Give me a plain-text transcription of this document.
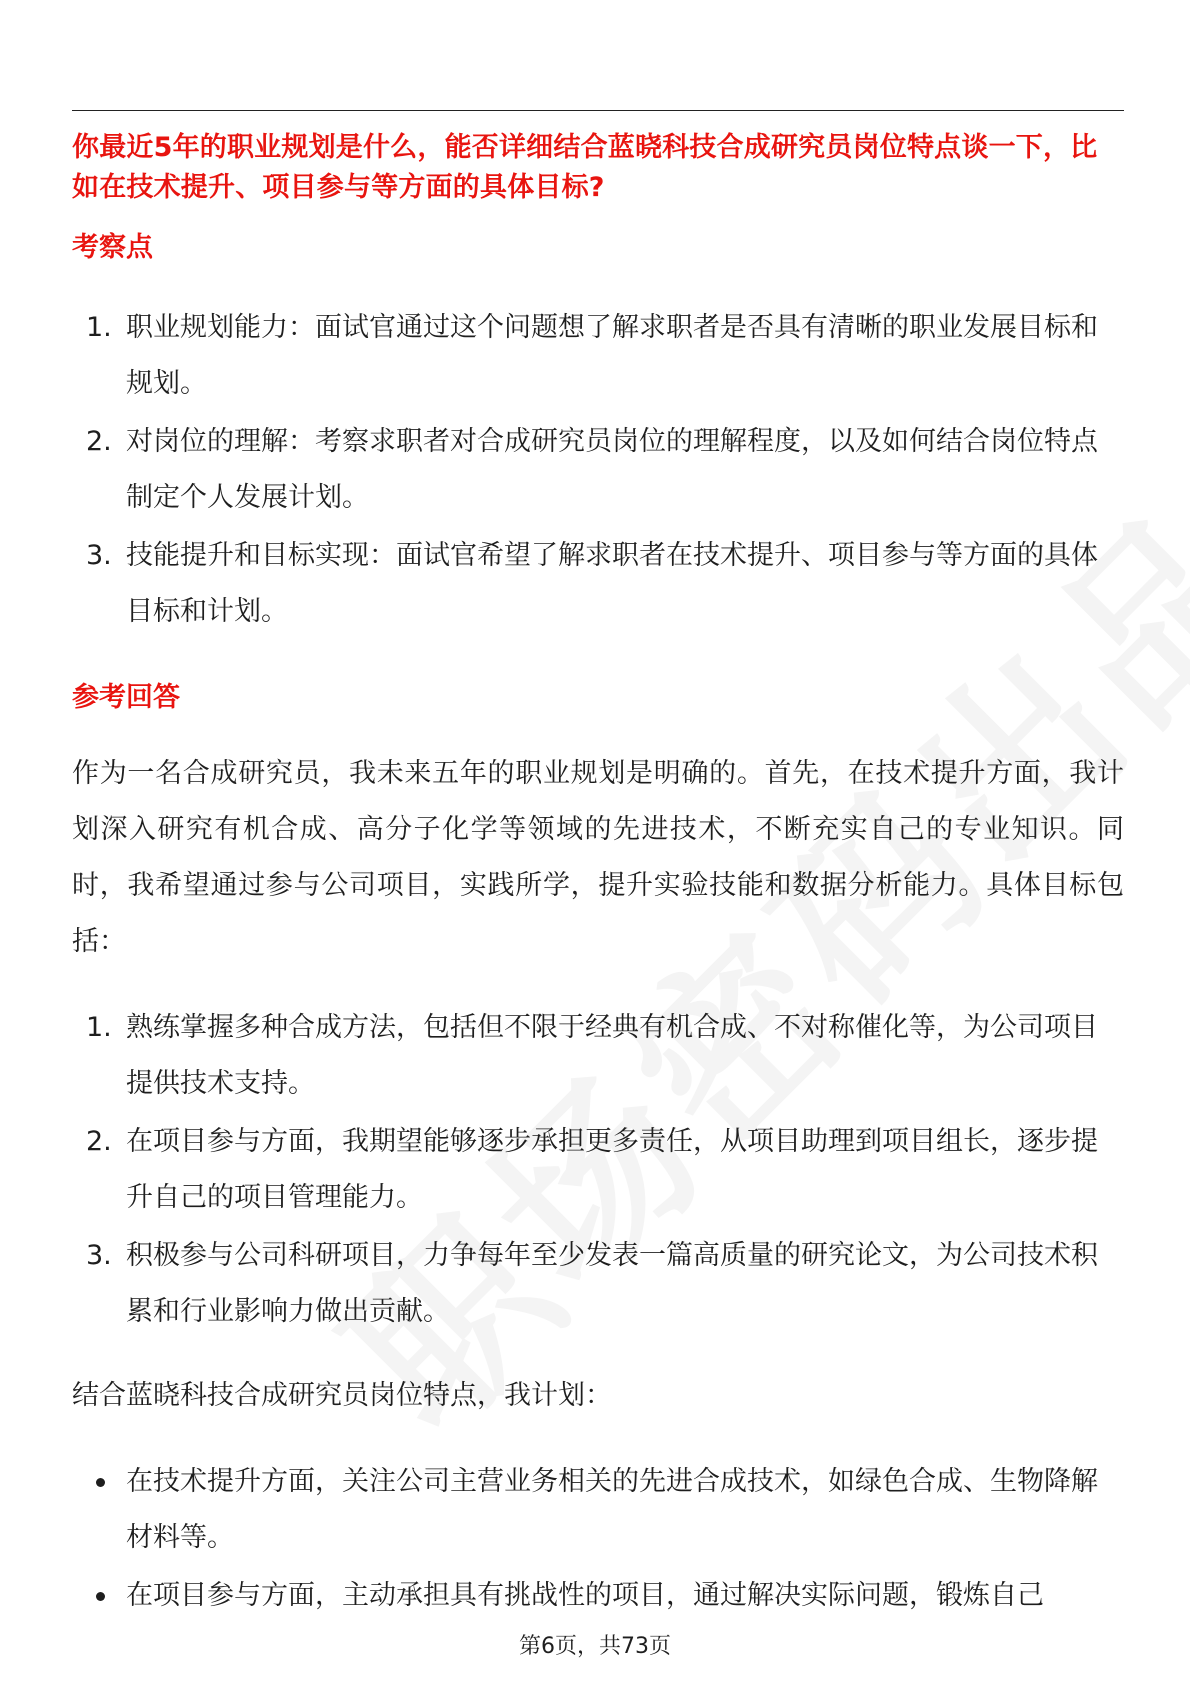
你最近5年的职业规划是什么，能否详细结合蓝晓科技合成研究员岗位特点谈一下，比如在技术提升、项目参与等方面的具体目标?
考察点
1. 职业规划能力：面试官通过这个问题想了解求职者是否具有清晰的职业发展目标和规划。
2. 对岗位的理解：考察求职者对合成研究员岗位的理解程度，以及如何结合岗位特点制定个人发展计划。
3. 技能提升和目标实现：面试官希望了解求职者在技术提升、项目参与等方面的具体目标和计划。
参考回答

作为一名合成研究员，我未来五年的职业规划是明确的。首先，在技术提升方面，我计划深入研究有机合成、高分子化学等领域的先进技术，不断充实自己的专业知识。同时，我希望通过参与公司项目，实践所学，提升实验技能和数据分析能力。具体目标包括：

1. 熟练掌握多种合成方法，包括但不限于经典有机合成、不对称催化等，为公司项目提供技术支持。
2. 在项目参与方面，我期望能够逐步承担更多责任，从项目助理到项目组长，逐步提升自己的项目管理能力。
3. 积极参与公司科研项目，力争每年至少发表一篇高质量的研究论文，为公司技术积累和行业影响力做出贡献。

结合蓝晓科技合成研究员岗位特点，我计划：

在技术提升方面，关注公司主营业务相关的先进合成技术，如绿色合成、生物降解材料等。
在项目参与方面，主动承担具有挑战性的项目，通过解决实际问题，锻炼自己
第6页，共73页
